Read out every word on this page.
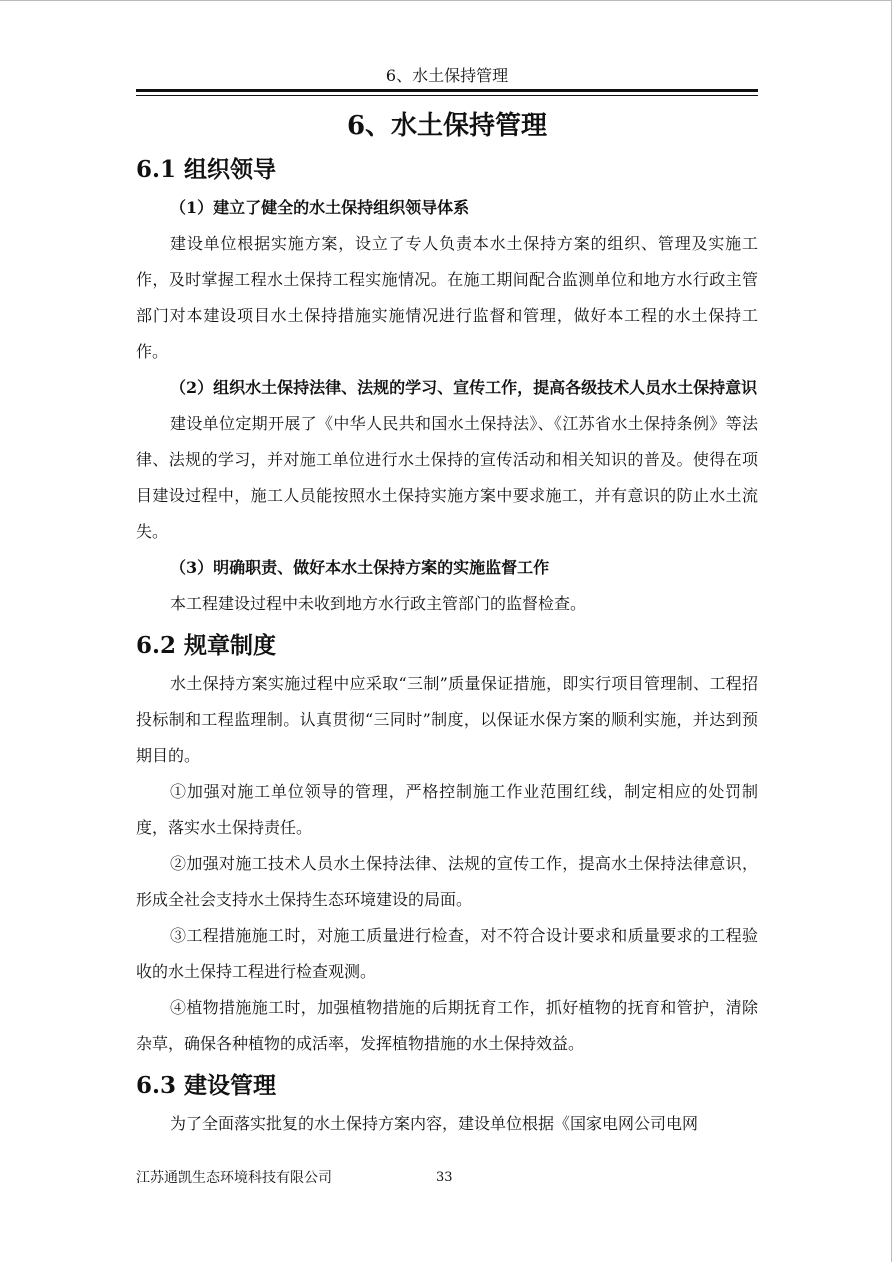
6、水土保持管理
6、水土保持管理
6.1 组织领导

（1）建立了健全的水土保持组织领导体系

建设单位根据实施方案，设立了专人负责本水土保持方案的组织、管理及实施工作，及时掌握工程水土保持工程实施情况。在施工期间配合监测单位和地方水行政主管部门对本建设项目水土保持措施实施情况进行监督和管理，做好本工程的水土保持工作。

（2）组织水土保持法律、法规的学习、宣传工作，提高各级技术人员水土保持意识

建设单位定期开展了《中华人民共和国水土保持法》、《江苏省水土保持条例》等法律、法规的学习，并对施工单位进行水土保持的宣传活动和相关知识的普及。使得在项目建设过程中，施工人员能按照水土保持实施方案中要求施工，并有意识的防止水土流失。

（3）明确职责、做好本水土保持方案的实施监督工作

本工程建设过程中未收到地方水行政主管部门的监督检查。

6.2 规章制度

水土保持方案实施过程中应采取“三制”质量保证措施，即实行项目管理制、工程招投标制和工程监理制。认真贯彻“三同时”制度，以保证水保方案的顺利实施，并达到预期目的。

①加强对施工单位领导的管理，严格控制施工作业范围红线，制定相应的处罚制度，落实水土保持责任。

②加强对施工技术人员水土保持法律、法规的宣传工作，提高水土保持法律意识，形成全社会支持水土保持生态环境建设的局面。

③工程措施施工时，对施工质量进行检查，对不符合设计要求和质量要求的工程验收的水土保持工程进行检查观测。

④植物措施施工时，加强植物措施的后期抚育工作，抓好植物的抚育和管护，清除杂草，确保各种植物的成活率，发挥植物措施的水土保持效益。

6.3 建设管理

为了全面落实批复的水土保持方案内容，建设单位根据《国家电网公司电网

江苏通凯生态环境科技有限公司	33
